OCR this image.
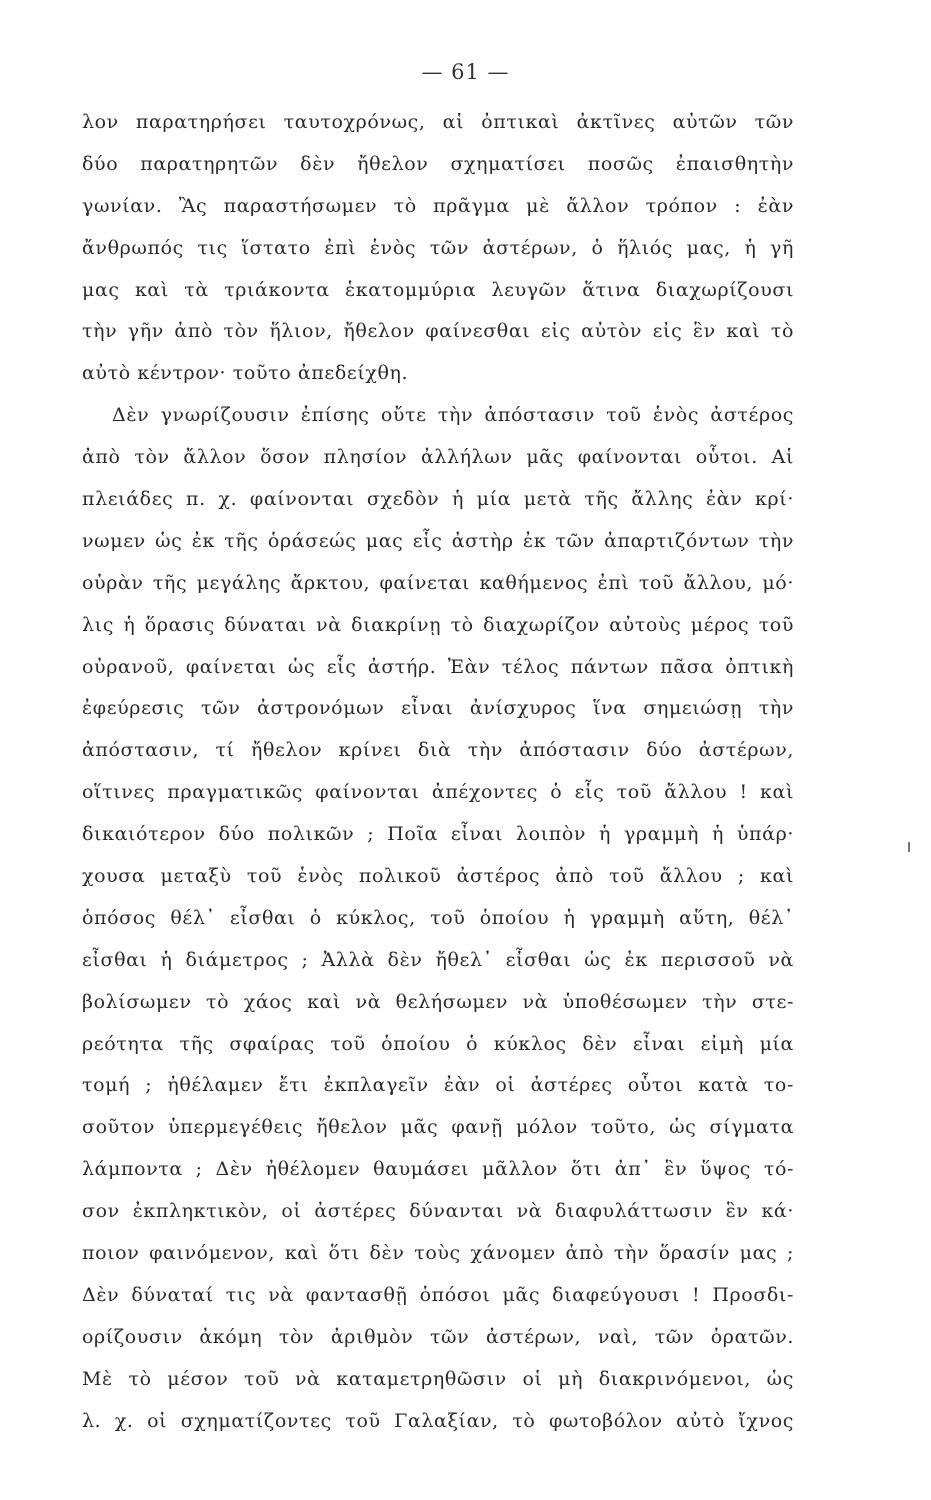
— 61 —
λον παρατηρήσει ταυτοχρόνως, αἱ ὀπτικαὶ ἀκτῖνες αὐτῶν τῶν
δύο παρατηρητῶν δὲν ἤθελον σχηματίσει ποσῶς ἐπαισθητὴν
γωνίαν. Ἂς παραστήσωμεν τὸ πρᾶγμα μὲ ἄλλον τρόπον : ἐὰν
ἄνθρωπός τις ἵστατο ἐπὶ ἑνὸς τῶν ἀστέρων, ὁ ἥλιός μας, ἡ γῆ
μας καὶ τὰ τριάκοντα ἑκατομμύρια λευγῶν ἅτινα διαχωρίζουσι
τὴν γῆν ἀπὸ τὸν ἥλιον, ἤθελον φαίνεσθαι εἰς αὐτὸν εἰς ἓν καὶ τὸ
αὐτὸ κέντρον· τοῦτο ἀπεδείχθη.
Δὲν γνωρίζουσιν ἐπίσης οὔτε τὴν ἀπόστασιν τοῦ ἑνὸς ἀστέρος
ἀπὸ τὸν ἄλλον ὅσον πλησίον ἀλλήλων μᾶς φαίνονται οὗτοι. Αἱ
πλειάδες π. χ. φαίνονται σχεδὸν ἡ μία μετὰ τῆς ἄλλης ἐὰν κρί·
νωμεν ὡς ἐκ τῆς ὁράσεώς μας εἷς ἀστὴρ ἐκ τῶν ἀπαρτιζόντων τὴν
οὐρὰν τῆς μεγάλης ἄρκτου, φαίνεται καθήμενος ἐπὶ τοῦ ἄλλου, μό·
λις ἡ ὅρασις δύναται νὰ διακρίνῃ τὸ διαχωρίζον αὐτοὺς μέρος τοῦ
οὐρανοῦ, φαίνεται ὡς εἷς ἀστήρ. Ἐὰν τέλος πάντων πᾶσα ὀπτικὴ
ἐφεύρεσις τῶν ἀστρονόμων εἶναι ἀνίσχυρος ἵνα σημειώσῃ τὴν
ἀπόστασιν, τί ἤθελον κρίνει διὰ τὴν ἀπόστασιν δύο ἀστέρων,
οἵτινες πραγματικῶς φαίνονται ἀπέχοντες ὁ εἷς τοῦ ἄλλου ! καὶ
δικαιότερον δύο πολικῶν ; Ποῖα εἶναι λοιπὸν ἡ γραμμὴ ἡ ὑπάρ·
χουσα μεταξὺ τοῦ ἑνὸς πολικοῦ ἀστέρος ἀπὸ τοῦ ἄλλου ; καὶ
ὁπόσος θέλ᾽ εἶσθαι ὁ κύκλος, τοῦ ὁποίου ἡ γραμμὴ αὕτη, θέλ᾽
εἶσθαι ἡ διάμετρος ; Ἀλλὰ δὲν ἤθελ᾽ εἶσθαι ὡς ἐκ περισσοῦ νὰ
βολίσωμεν τὸ χάος καὶ νὰ θελήσωμεν νὰ ὑποθέσωμεν τὴν στε-
ρεότητα τῆς σφαίρας τοῦ ὁποίου ὁ κύκλος δὲν εἶναι εἰμὴ μία
τομή ; ἠθέλαμεν ἔτι ἐκπλαγεῖν ἐὰν οἱ ἀστέρες οὗτοι κατὰ το-
σοῦτον ὑπερμεγέθεις ἤθελον μᾶς φανῇ μόλον τοῦτο, ὡς σίγματα
λάμποντα ; Δὲν ἠθέλομεν θαυμάσει μᾶλλον ὅτι ἀπ᾽ ἓν ὕψος τό-
σον ἐκπληκτικὸν, οἱ ἀστέρες δύνανται νὰ διαφυλάττωσιν ἓν κά·
ποιον φαινόμενον, καὶ ὅτι δὲν τοὺς χάνομεν ἀπὸ τὴν ὅρασίν μας ;
Δὲν δύναταί τις νὰ φαντασθῇ ὁπόσοι μᾶς διαφεύγουσι ! Προσδι-
ορίζουσιν ἀκόμη τὸν ἀριθμὸν τῶν ἀστέρων, ναὶ, τῶν ὁρατῶν.
Μὲ τὸ μέσον τοῦ νὰ καταμετρηθῶσιν οἱ μὴ διακρινόμενοι, ὡς
λ. χ. οἱ σχηματίζοντες τοῦ Γαλαξίαν, τὸ φωτοβόλον αὐτὸ ἴχνος
